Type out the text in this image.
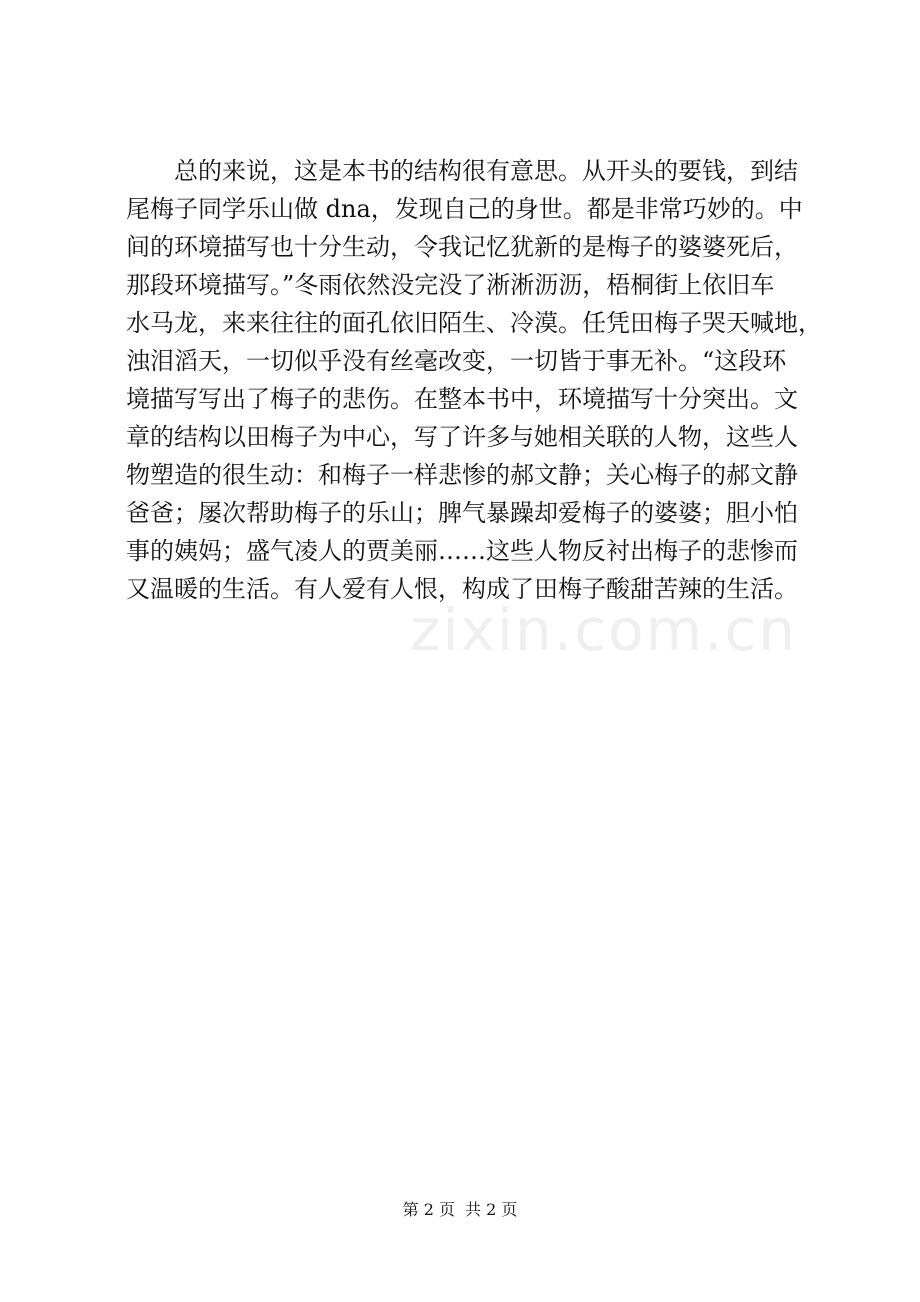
总的来说，这是本书的结构很有意思。从开头的要钱，到结
尾梅子同学乐山做 dna，发现自己的身世。都是非常巧妙的。中
间的环境描写也十分生动，令我记忆犹新的是梅子的婆婆死后，
那段环境描写。”冬雨依然没完没了淅淅沥沥，梧桐街上依旧车
水马龙，来来往往的面孔依旧陌生、冷漠。任凭田梅子哭天喊地，
浊泪滔天，一切似乎没有丝毫改变，一切皆于事无补。“这段环
境描写写出了梅子的悲伤。在整本书中，环境描写十分突出。文
章的结构以田梅子为中心，写了许多与她相关联的人物，这些人
物塑造的很生动：和梅子一样悲惨的郝文静；关心梅子的郝文静
爸爸；屡次帮助梅子的乐山；脾气暴躁却爱梅子的婆婆；胆小怕
事的姨妈；盛气凌人的贾美丽……这些人物反衬出梅子的悲惨而
又温暖的生活。有人爱有人恨，构成了田梅子酸甜苦辣的生活。
zixin.com.cn
第 2 页 共 2 页
